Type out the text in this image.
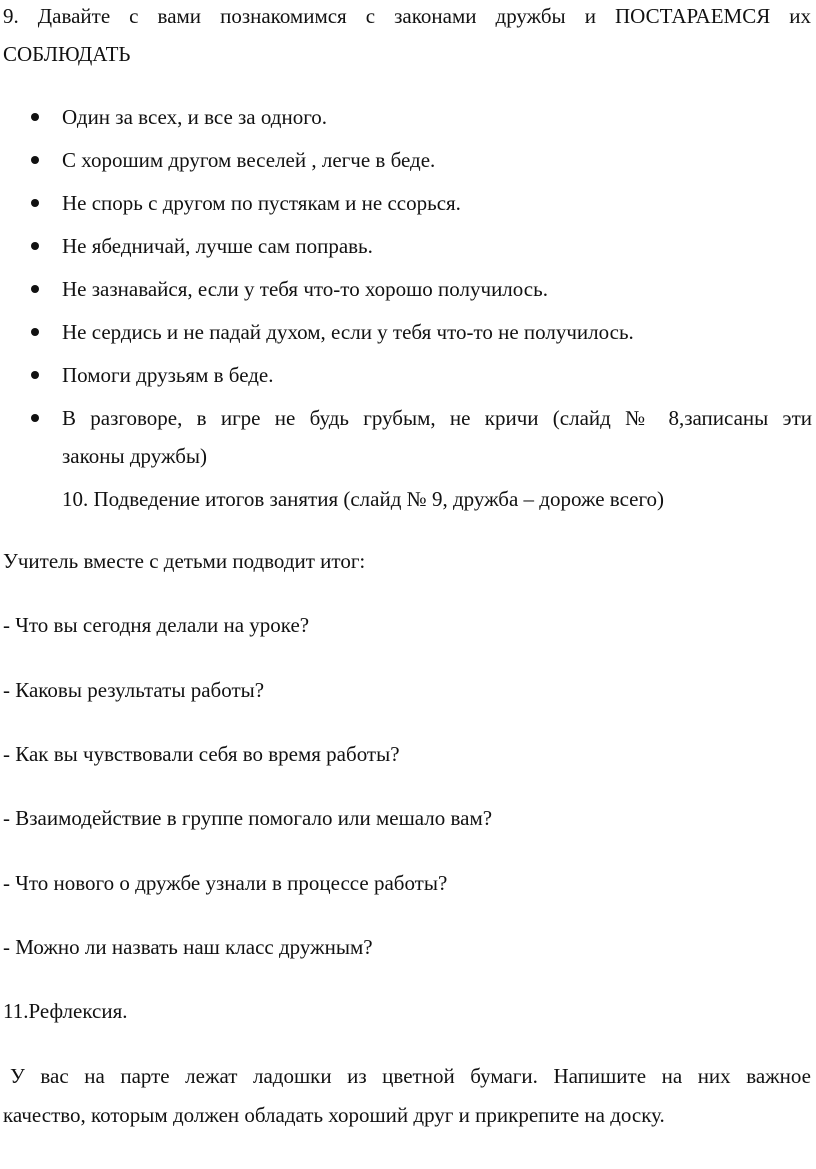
9. Давайте с вами познакомимся с законами дружбы и ПОСТАРАЕМСЯ их
СОБЛЮДАТЬ
Один за всех, и все за одного.
С хорошим другом веселей , легче в беде.
Не спорь с другом по пустякам и не ссорься.
Не ябедничай, лучше сам поправь.
Не зазнавайся, если у тебя что-то хорошо получилось.
Не сердись и не падай духом, если у тебя что-то не получилось.
Помоги друзьям в беде.
В разговоре, в игре не будь грубым, не кричи (слайд № 8,записаны эти
законы дружбы)
10. Подведение итогов занятия (слайд № 9, дружба – дороже всего)
Учитель вместе с детьми подводит итог:
- Что вы сегодня делали на уроке?
- Каковы результаты работы?
- Как вы чувствовали себя во время работы?
- Взаимодействие в группе помогало или мешало вам?
- Что нового о дружбе узнали в процессе работы?
- Можно ли назвать наш класс дружным?
11.Рефлексия.
У вас на парте лежат ладошки из цветной бумаги. Напишите на них важное
качество, которым должен обладать хороший друг и прикрепите на доску.
